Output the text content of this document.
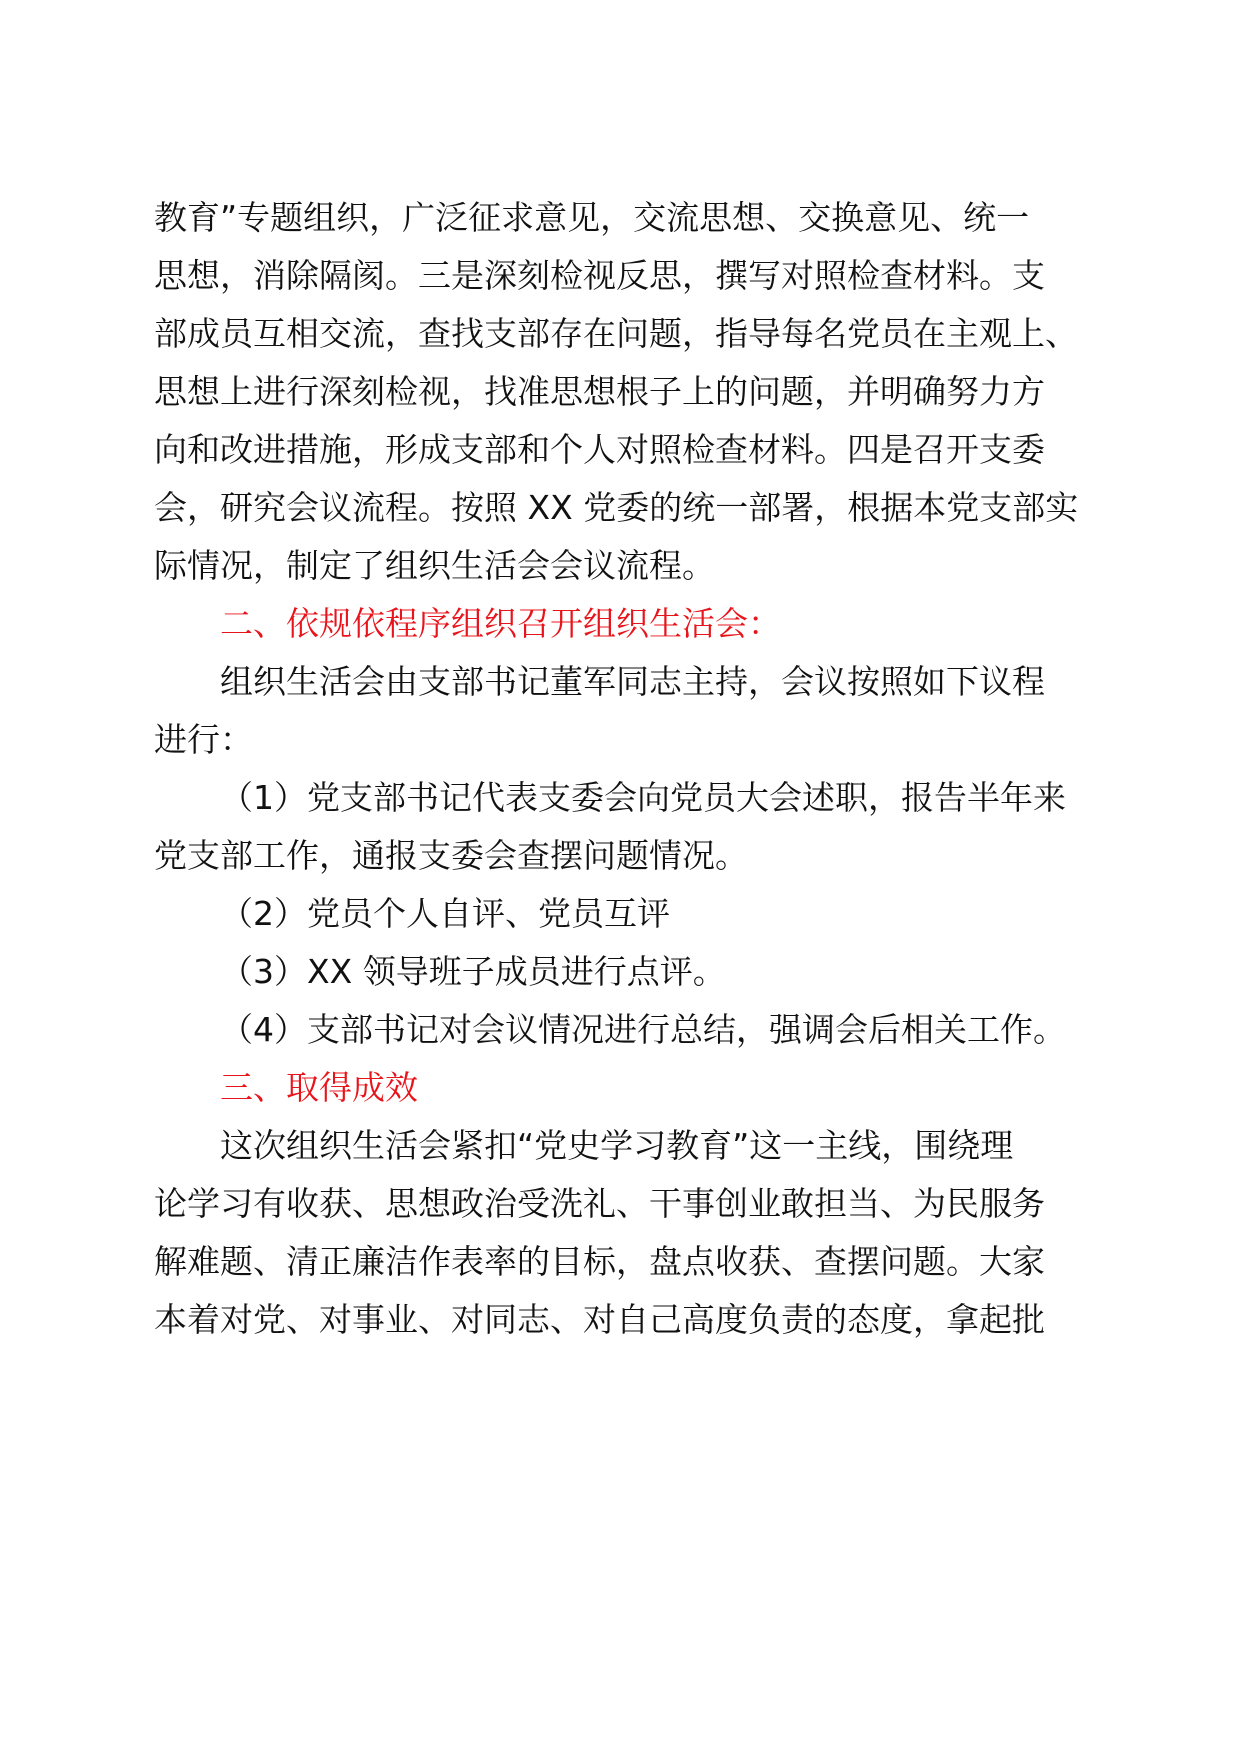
教育”专题组织，广泛征求意见，交流思想、交换意见、统一

思想，消除隔阂。三是深刻检视反思，撰写对照检查材料。支

部成员互相交流，查找支部存在问题，指导每名党员在主观上、

思想上进行深刻检视，找准思想根子上的问题，并明确努力方

向和改进措施，形成支部和个人对照检查材料。四是召开支委

会，研究会议流程。按照 XX 党委的统一部署，根据本党支部实

际情况，制定了组织生活会会议流程。

二、依规依程序组织召开组织生活会：

组织生活会由支部书记董军同志主持，会议按照如下议程

进行：

（1）党支部书记代表支委会向党员大会述职，报告半年来

党支部工作，通报支委会查摆问题情况。

（2）党员个人自评、党员互评

（3）XX 领导班子成员进行点评。

（4）支部书记对会议情况进行总结，强调会后相关工作。

三、取得成效

这次组织生活会紧扣“党史学习教育”这一主线，围绕理

论学习有收获、思想政治受洗礼、干事创业敢担当、为民服务

解难题、清正廉洁作表率的目标，盘点收获、查摆问题。大家

本着对党、对事业、对同志、对自己高度负责的态度，拿起批
